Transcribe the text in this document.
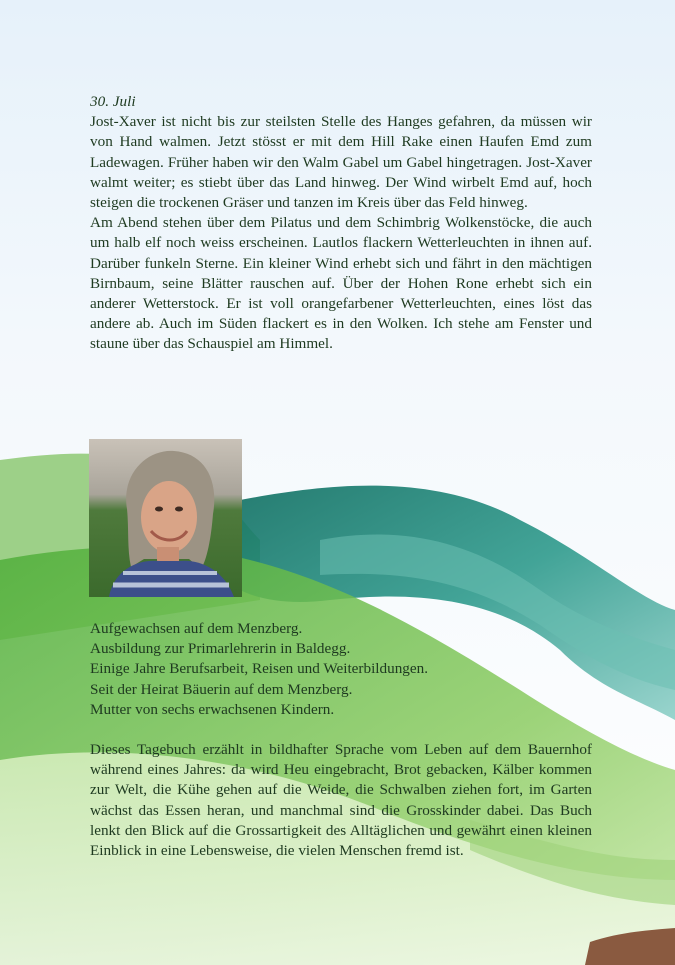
30. Juli

Jost-Xaver ist nicht bis zur steilsten Stelle des Hanges gefahren, da müssen wir von Hand walmen. Jetzt stösst er mit dem Hill Rake einen Haufen Emd zum Ladewagen. Früher haben wir den Walm Gabel um Gabel hingetragen. Jost-Xaver walmt weiter; es stiebt über das Land hinweg. Der Wind wirbelt Emd auf, hoch steigen die trockenen Gräser und tanzen im Kreis über das Feld hinweg.

Am Abend stehen über dem Pilatus und dem Schimbrig Wolkenstöcke, die auch um halb elf noch weiss erscheinen. Lautlos flackern Wetterleuchten in ihnen auf. Darüber funkeln Sterne. Ein kleiner Wind erhebt sich und fährt in den mächtigen Birnbaum, seine Blätter rauschen auf. Über der Hohen Rone erhebt sich ein anderer Wetterstock. Er ist voll orangefarbener Wetterleuchten, eines löst das andere ab. Auch im Süden flackert es in den Wolken. Ich stehe am Fenster und staune über das Schauspiel am Himmel.

Aufgewachsen auf dem Menzberg.

Ausbildung zur Primarlehrerin in Baldegg.

Einige Jahre Berufsarbeit, Reisen und Weiterbildungen.

Seit der Heirat Bäuerin auf dem Menzberg.

Mutter von sechs erwachsenen Kindern.

Dieses Tagebuch erzählt in bildhafter Sprache vom Leben auf dem Bauernhof während eines Jahres: da wird Heu eingebracht, Brot gebacken, Kälber kommen zur Welt, die Kühe gehen auf die Weide, die Schwalben ziehen fort, im Garten wächst das Essen heran, und manchmal sind die Grosskinder dabei. Das Buch lenkt den Blick auf die Grossartigkeit des Alltäglichen und gewährt einen kleinen Einblick in eine Lebensweise, die vielen Menschen fremd ist.
